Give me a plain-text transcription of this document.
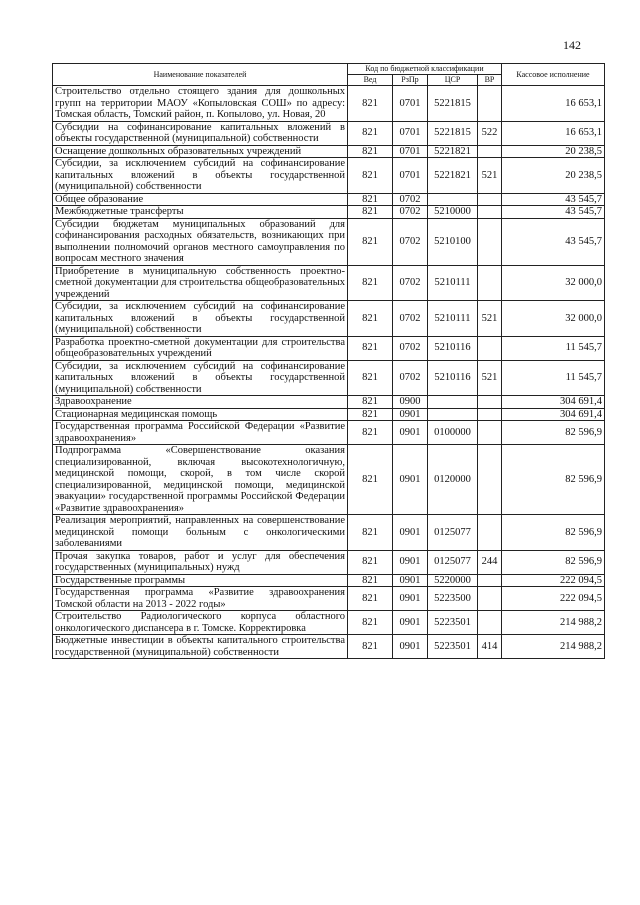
142
Наименование показателей	Код по бюджетной классификации				Кассовое исполнение
	Вед	РзПр	ЦСР	ВР	
Строительство отдельно стоящего здания для дошкольных групп на территории МАОУ «Копыловская СОШ» по адресу: Томская область, Томский район, п. Копылово, ул. Новая, 20	821	0701	5221815		16 653,1
Субсидии на софинансирование капитальных вложений в объекты государственной (муниципальной) собственности	821	0701	5221815	522	16 653,1
Оснащение дошкольных образовательных учреждений	821	0701	5221821		20 238,5
Субсидии, за исключением субсидий на софинансирование капитальных вложений в объекты государственной (муниципальной) собственности	821	0701	5221821	521	20 238,5
Общее образование	821	0702			43 545,7
Межбюджетные трансферты	821	0702	5210000		43 545,7
Субсидии бюджетам муниципальных образований для софинансирования расходных обязательств, возникающих при выполнении полномочий органов местного самоуправления по вопросам местного значения	821	0702	5210100		43 545,7
Приобретение в муниципальную собственность проектно-сметной документации для строительства общеобразовательных учреждений	821	0702	5210111		32 000,0
Субсидии, за исключением субсидий на софинансирование капитальных вложений в объекты государственной (муниципальной) собственности	821	0702	5210111	521	32 000,0
Разработка проектно-сметной документации для строительства общеобразовательных учреждений	821	0702	5210116		11 545,7
Субсидии, за исключением субсидий на софинансирование капитальных вложений в объекты государственной (муниципальной) собственности	821	0702	5210116	521	11 545,7
Здравоохранение	821	0900			304 691,4
Стационарная медицинская помощь	821	0901			304 691,4
Государственная программа Российской Федерации «Развитие здравоохранения»	821	0901	0100000		82 596,9
Подпрограмма «Совершенствование оказания специализированной, включая высокотехнологичную, медицинской помощи, скорой, в том числе скорой специализированной, медицинской помощи, медицинской эвакуации» государственной программы Российской Федерации «Развитие здравоохранения»	821	0901	0120000		82 596,9
Реализация мероприятий, направленных на совершенствование медицинской помощи больным с онкологическими заболеваниями	821	0901	0125077		82 596,9
Прочая закупка товаров, работ и услуг для обеспечения государственных (муниципальных) нужд	821	0901	0125077	244	82 596,9
Государственные программы	821	0901	5220000		222 094,5
Государственная программа «Развитие здравоохранения Томской области на 2013 - 2022 годы»	821	0901	5223500		222 094,5
Строительство Радиологического корпуса областного онкологического диспансера в г. Томске. Корректировка	821	0901	5223501		214 988,2
Бюджетные инвестиции в объекты капитального строительства государственной (муниципальной) собственности	821	0901	5223501	414	214 988,2
